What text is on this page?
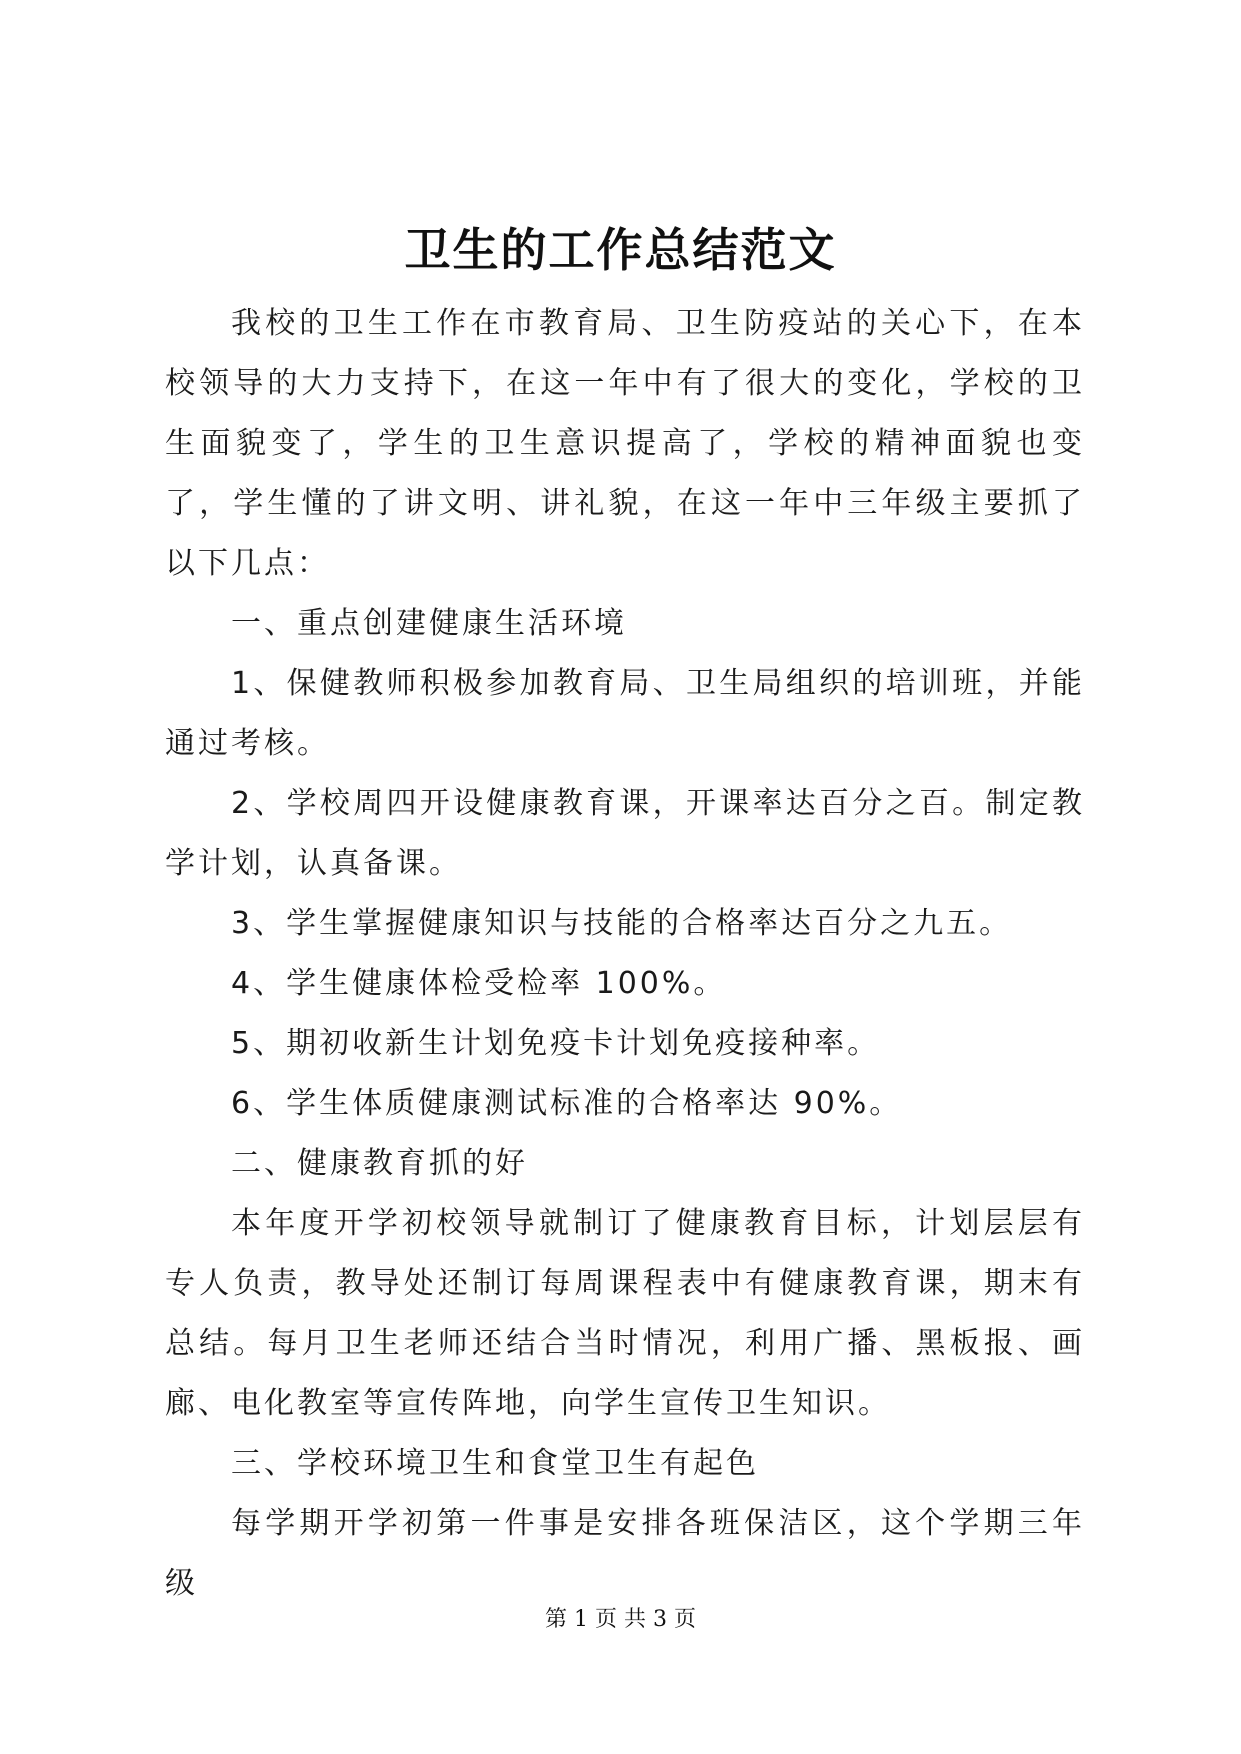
卫生的工作总结范文

我校的卫生工作在市教育局、卫生防疫站的关心下，在本校领导的大力支持下，在这一年中有了很大的变化，学校的卫生面貌变了，学生的卫生意识提高了，学校的精神面貌也变了，学生懂的了讲文明、讲礼貌，在这一年中三年级主要抓了以下几点：

一、重点创建健康生活环境

1、保健教师积极参加教育局、卫生局组织的培训班，并能通过考核。

2、学校周四开设健康教育课，开课率达百分之百。制定教学计划，认真备课。

3、学生掌握健康知识与技能的合格率达百分之九五。

4、学生健康体检受检率 100%。

5、期初收新生计划免疫卡计划免疫接种率。

6、学生体质健康测试标准的合格率达 90%。

二、健康教育抓的好

本年度开学初校领导就制订了健康教育目标，计划层层有专人负责，教导处还制订每周课程表中有健康教育课，期末有总结。每月卫生老师还结合当时情况，利用广播、黑板报、画廊、电化教室等宣传阵地，向学生宣传卫生知识。

三、学校环境卫生和食堂卫生有起色

每学期开学初第一件事是安排各班保洁区，这个学期三年级

第 1 页 共 3 页
